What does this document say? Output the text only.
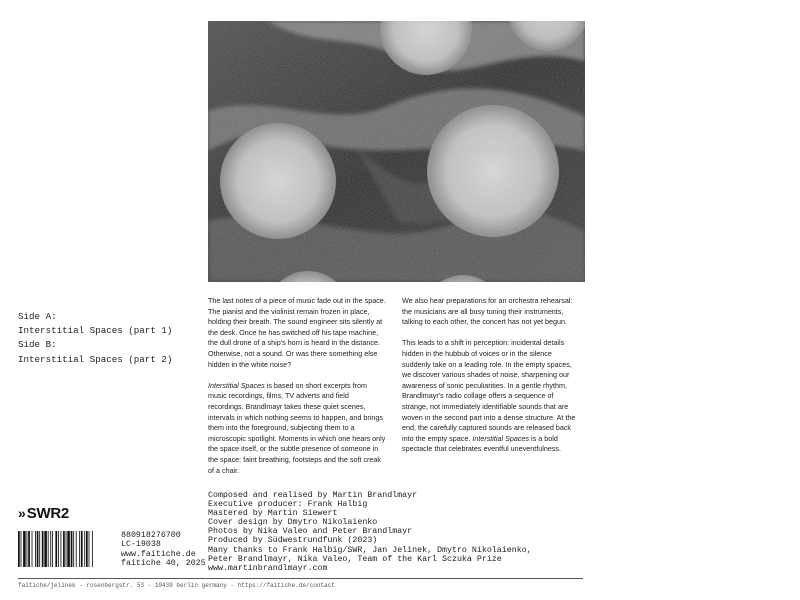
Side A:
Interstitial Spaces (part 1)
Side B:
Interstitial Spaces (part 2)

The last notes of a piece of music fade out in the space. The pianist and the violinist remain frozen in place, holding their breath. The sound engineer sits silently at the desk. Once he has switched off his tape machine, the dull drone of a ship's horn is heard in the distance. Otherwise, not a sound. Or was there something else hidden in the white noise?

Interstitial Spaces is based on short excerpts from music recordings, films, TV adverts and field recordings. Brandlmayr takes these quiet scenes, intervals in which nothing seems to happen, and brings them into the foreground, subjecting them to a microscopic spotlight. Moments in which one hears only the space itself, or the subtle presence of someone in the space: faint breathing, footsteps and the soft creak of a chair.

We also hear preparations for an orchestra rehearsal: the musicians are all busy tuning their instruments, talking to each other, the concert has not yet begun.

This leads to a shift in perception: incidental details hidden in the hubbub of voices or in the silence suddenly take on a leading role. In the empty spaces, we discover various shades of noise, sharpening our awareness of sonic peculiarities. In a gentle rhythm, Brandlmayr's radio collage offers a sequence of strange, not immediately identifiable sounds that are woven in the second part into a dense structure. At the end, the carefully captured sounds are released back into the empty space. Interstitial Spaces is a bold spectacle that celebrates eventful uneventfulness.

» SWR2
880918276700
LC-19038
www.faitiche.de
faitiche 40, 2025
Composed and realised by Martin Brandlmayr
Executive producer: Frank Halbig
Mastered by Martin Siewert
Cover design by Dmytro Nikolaienko
Photos by Nika Valeo and Peter Brandlmayr
Produced by Südwestrundfunk (2023)
Many thanks to Frank Halbig/SWR, Jan Jelinek, Dmytro Nikolaienko,
Peter Brandlmayr, Nika Valeo, Team of the Karl Sczuka Prize
www.martinbrandlmayr.com
faitiche/jelinek - rosenbergstr. 53 - 10439 berlin germany - https://faitiche.de/contact
